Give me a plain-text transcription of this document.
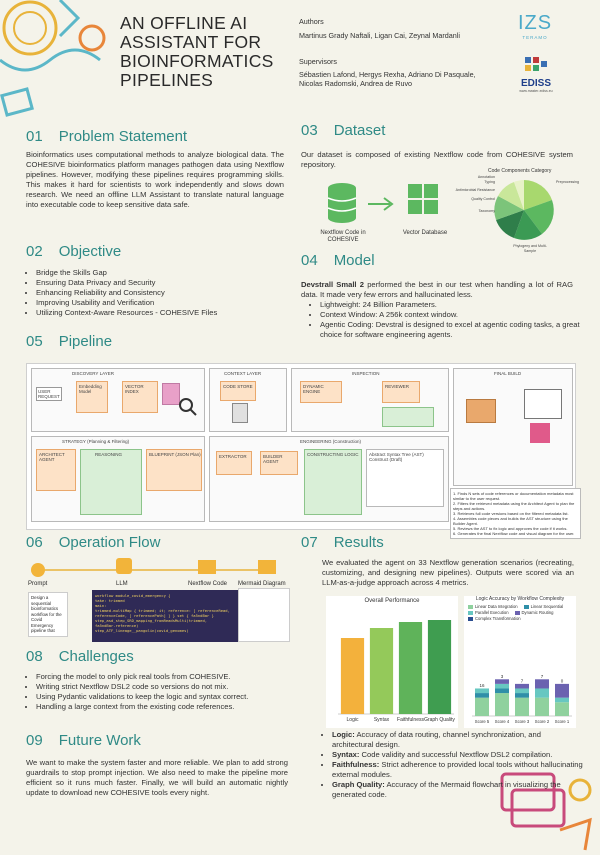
AN OFFLINE AI ASSISTANT FOR BIOINFORMATICS PIPELINES
Authors
Martinus Grady Naftali, Ligan Cai, Zeynal Mardanli
Supervisors
Sébastien Lafond, Hergys Rexha, Adriano Di Pasquale, Nicolas Radomski, Andrea de Ruvo
IZS
TERAMO
EDISS
www.master-ediss.eu
01 Problem Statement
Bioinformatics uses computational methods to analyze biological data. The COHESIVE bioinformatics platform manages pathogen data using Nextflow pipelines. However, modifying these pipelines requires programming skills. This makes it hard for scientists to work independently and slows down research. We need an offline LLM Assistant to translate natural language into executable code to keep sensitive data safe.
02 Objective
• Bridge the Skills Gap
• Ensuring Data Privacy and Security
• Enhancing Reliability and Consistency
• Improving Usability and Verification
• Utilizing Context-Aware Resources - COHESIVE Files
03 Dataset
Our dataset is composed of existing Nextflow code from COHESIVE system repository.
Nextflow Code in COHESIVE
Vector Database
Code Components Category
Annotation
Typing
Antimicrobial Resistance
Quality Control
Taxonomy
Preprocessing
Phylogeny and Multi-Sample
04 Model
Devstrall Small 2 performed the best in our test when handling a lot of RAG data. It made very few errors and hallucinated less.
• Lightweight: 24 Billion Parameters.
• Context Window: A 256k context window.
• Agentic Coding: Devstral is designed to excel at agentic coding tasks, a great choice for software engineering agents.
05 Pipeline
DISCOVERY LAYER
USER REQUEST
Embedding Model
VECTOR INDEX
CONTEXT LAYER
CODE STORE
INSPECTION
DYNAMIC ENGINE
REVIEWER
FINAL BUILD
STRATEGY (Planning & Filtering)
ARCHITECT AGENT
REASONING	BLUEPRINT (JSON Plan)
ENGINEERING (Construction)
EXTRACTOR	BUILDER AGENT
CONSTRUCTING LOGIC Abstract Syntax Tree (AST) Construct (Draft)
1. Finds N sets of code references or documentation metadata most similar to the user request.
2. Filters the retrieved metadata using the Architect Agent to plan the steps and actions.
3. Retrieves full code versions based on the filtered metadata list.
4. Assembles code pieces and builds the AST structure using the Builder Agent.
5. Reviews the AST to fix logic and approves the code if it works.
6. Generates the final Nextflow code and visual diagram for the user.
06 Operation Flow
Prompt	LLM	Nextflow Code Mermaid Diagram
Design a sequential bioinformatics workflow for the Covid Emergency pipeline that
workflow module_covid_emergency {
take: trimmed
main:
trimmed.multiMap { trimmed; it; reference: [ referenceRead, referenceCode, [ referencePath] ] } set { fa5ndBar }
step_asd_step_SRD_mapping_fromReadsMulti(trimmed, fa5ndBar.reference)
step_ATF_lineage__pangolin(covid_genomes)
07 Results
We evaluated the agent on 33 Nextflow generation scenarios (recreating, customizing, and designing new pipelines). Outputs were scored via an LLM-as-a-judge approach across 4 metrics.
Overall Performance
Logic	Syntax Faithfulness Graph Quality
Logic Accuracy by Workflow Complexity
Linear Data Integration	Linear Sequential
Parallel Execution	Dynamic Routing
Complex Transformation
16
Score 5
3
Score 4
7
Score 3
7
Score 2
0
Score 1
• Logic: Accuracy of data routing, channel synchronization, and architectural design.
• Syntax: Code validity and successful Nextflow DSL2 compilation.
• Faithfulness: Strict adherence to provided local tools without hallucinating external modules.
• Graph Quality: Accuracy of the Mermaid flowchart in visualizing the generated code.
08 Challenges
• Forcing the model to only pick real tools from COHESIVE.
• Writing strict Nextflow DSL2 code so versions do not mix.
• Using Pydantic validations to keep the logic and syntax correct.
• Handling a large context from the existing code references.
09 Future Work
We want to make the system faster and more reliable. We plan to add strong guardrails to stop prompt injection. We also need to make the pipeline more efficient so it runs much faster. Finally, we will build an automatic nightly update to download new COHESIVE tools every night.
